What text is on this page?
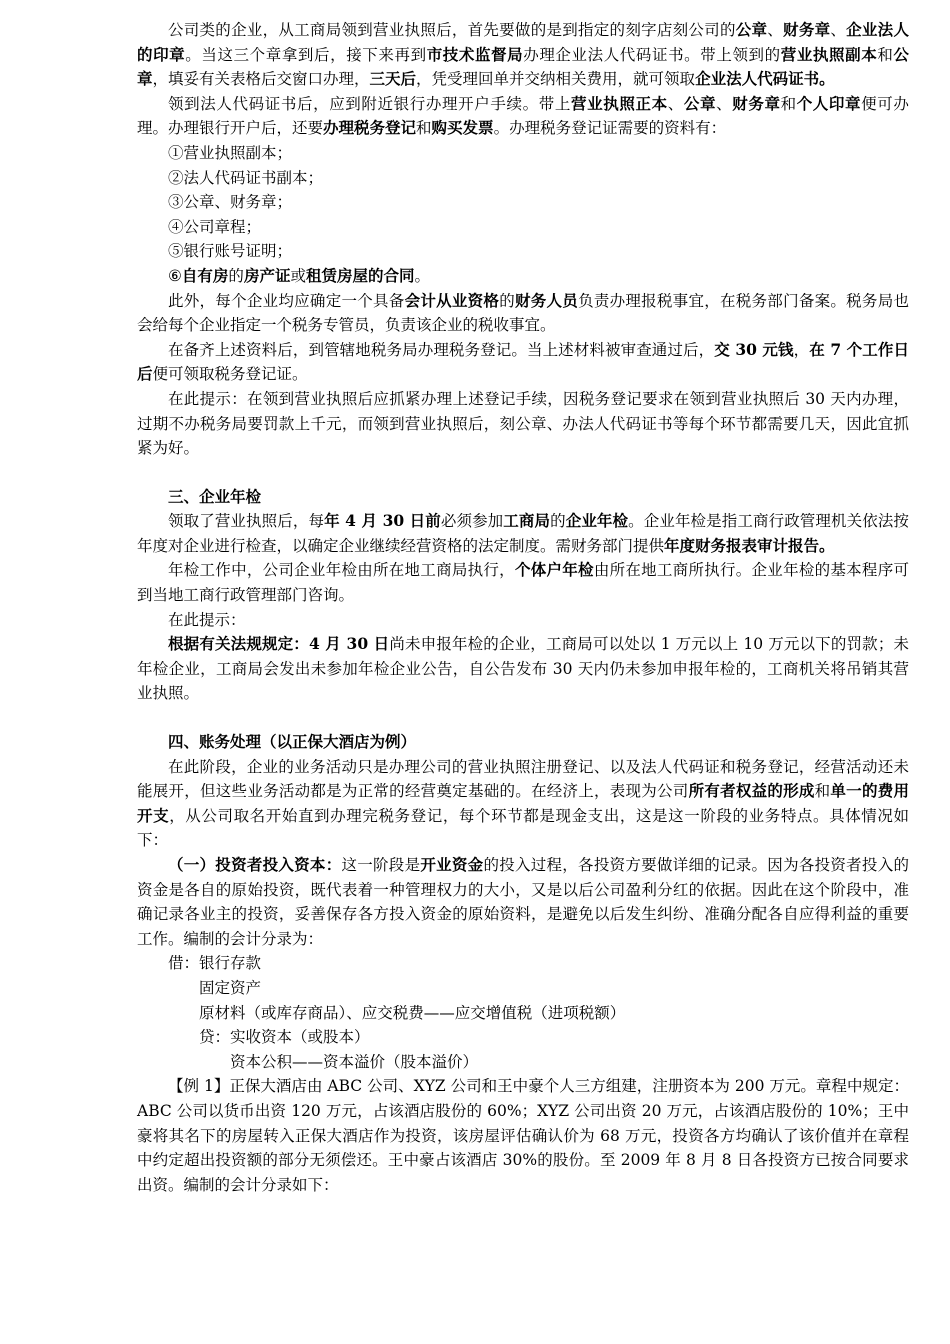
公司类的企业，从工商局领到营业执照后，首先要做的是到指定的刻字店刻公司的公章、财务章、企业法人的印章。当这三个章拿到后，接下来再到市技术监督局办理企业法人代码证书。带上领到的营业执照副本和公章，填妥有关表格后交窗口办理，三天后，凭受理回单并交纳相关费用，就可领取企业法人代码证书。

领到法人代码证书后，应到附近银行办理开户手续。带上营业执照正本、公章、财务章和个人印章便可办理。办理银行开户后，还要办理税务登记和购买发票。办理税务登记证需要的资料有：

①营业执照副本；

②法人代码证书副本；

③公章、财务章；

④公司章程；

⑤银行账号证明；

⑥自有房的房产证或租赁房屋的合同。

此外，每个企业均应确定一个具备会计从业资格的财务人员负责办理报税事宜，在税务部门备案。税务局也会给每个企业指定一个税务专管员，负责该企业的税收事宜。

在备齐上述资料后，到管辖地税务局办理税务登记。当上述材料被审查通过后，交 30 元钱，在 7 个工作日后便可领取税务登记证。

在此提示：在领到营业执照后应抓紧办理上述登记手续，因税务登记要求在领到营业执照后 30 天内办理，过期不办税务局要罚款上千元，而领到营业执照后，刻公章、办法人代码证书等每个环节都需要几天，因此宜抓紧为好。

三、企业年检

领取了营业执照后，每年 4 月 30 日前必须参加工商局的企业年检。企业年检是指工商行政管理机关依法按年度对企业进行检查，以确定企业继续经营资格的法定制度。需财务部门提供年度财务报表审计报告。

年检工作中，公司企业年检由所在地工商局执行，个体户年检由所在地工商所执行。企业年检的基本程序可到当地工商行政管理部门咨询。

在此提示：

根据有关法规规定：4 月 30 日尚未申报年检的企业，工商局可以处以 1 万元以上 10 万元以下的罚款；未年检企业，工商局会发出未参加年检企业公告，自公告发布 30 天内仍未参加申报年检的，工商机关将吊销其营业执照。

四、账务处理（以正保大酒店为例）

在此阶段，企业的业务活动只是办理公司的营业执照注册登记、以及法人代码证和税务登记，经营活动还未能展开，但这些业务活动都是为正常的经营奠定基础的。在经济上，表现为公司所有者权益的形成和单一的费用开支，从公司取名开始直到办理完税务登记，每个环节都是现金支出，这是这一阶段的业务特点。具体情况如下：

（一）投资者投入资本：这一阶段是开业资金的投入过程，各投资方要做详细的记录。因为各投资者投入的资金是各自的原始投资，既代表着一种管理权力的大小，又是以后公司盈利分红的依据。因此在这个阶段中，准确记录各业主的投资，妥善保存各方投入资金的原始资料，是避免以后发生纠纷、准确分配各自应得利益的重要工作。编制的会计分录为：

借：银行存款

固定资产

原材料（或库存商品）、应交税费——应交增值税（进项税额）

贷：实收资本（或股本）

资本公积——资本溢价（股本溢价）

【例 1】正保大酒店由 ABC 公司、XYZ 公司和王中豪个人三方组建，注册资本为 200 万元。章程中规定：ABC 公司以货币出资 120 万元，占该酒店股份的 60%；XYZ 公司出资 20 万元，占该酒店股份的 10%；王中豪将其名下的房屋转入正保大酒店作为投资，该房屋评估确认价为 68 万元，投资各方均确认了该价值并在章程中约定超出投资额的部分无须偿还。王中豪占该酒店 30%的股份。至 2009 年 8 月 8 日各投资方已按合同要求出资。编制的会计分录如下：
